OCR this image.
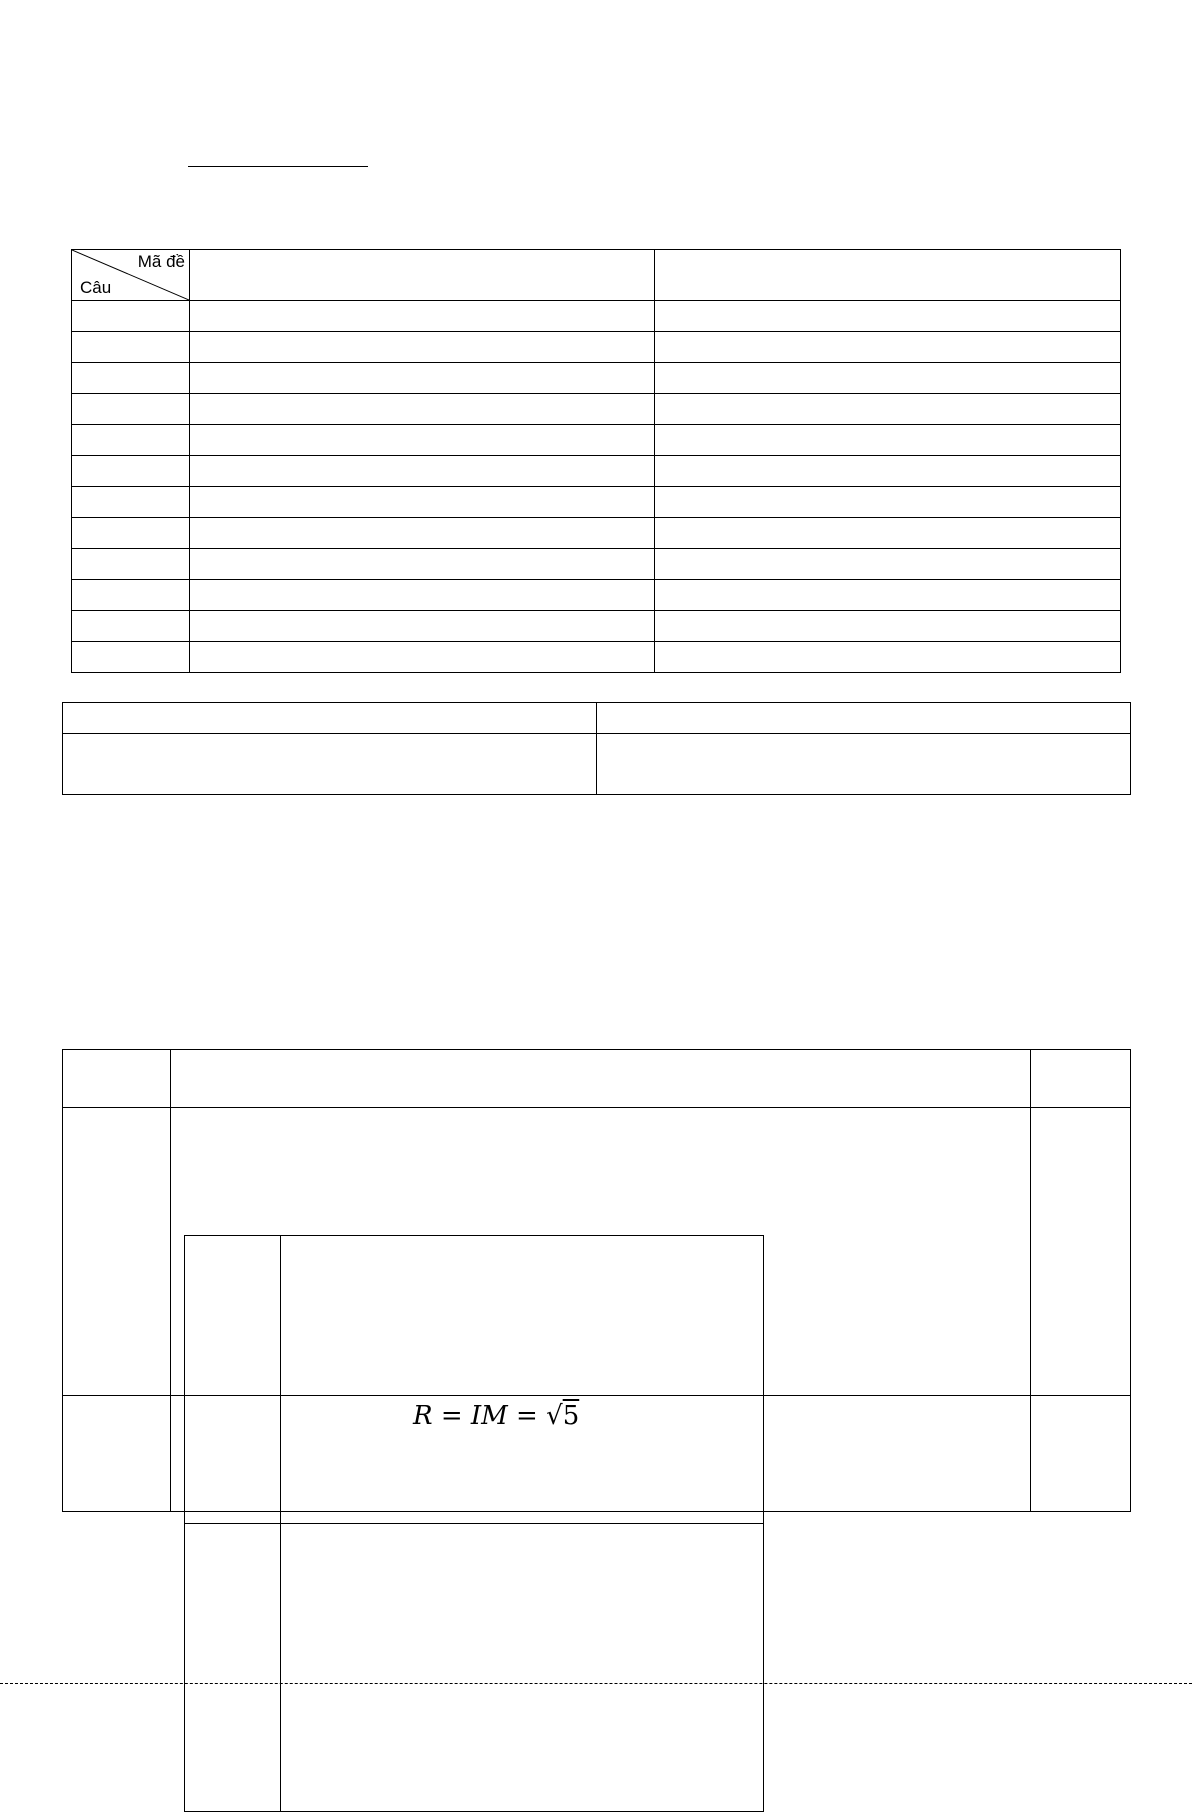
Mã đề
Câu		

R = IM = √5
